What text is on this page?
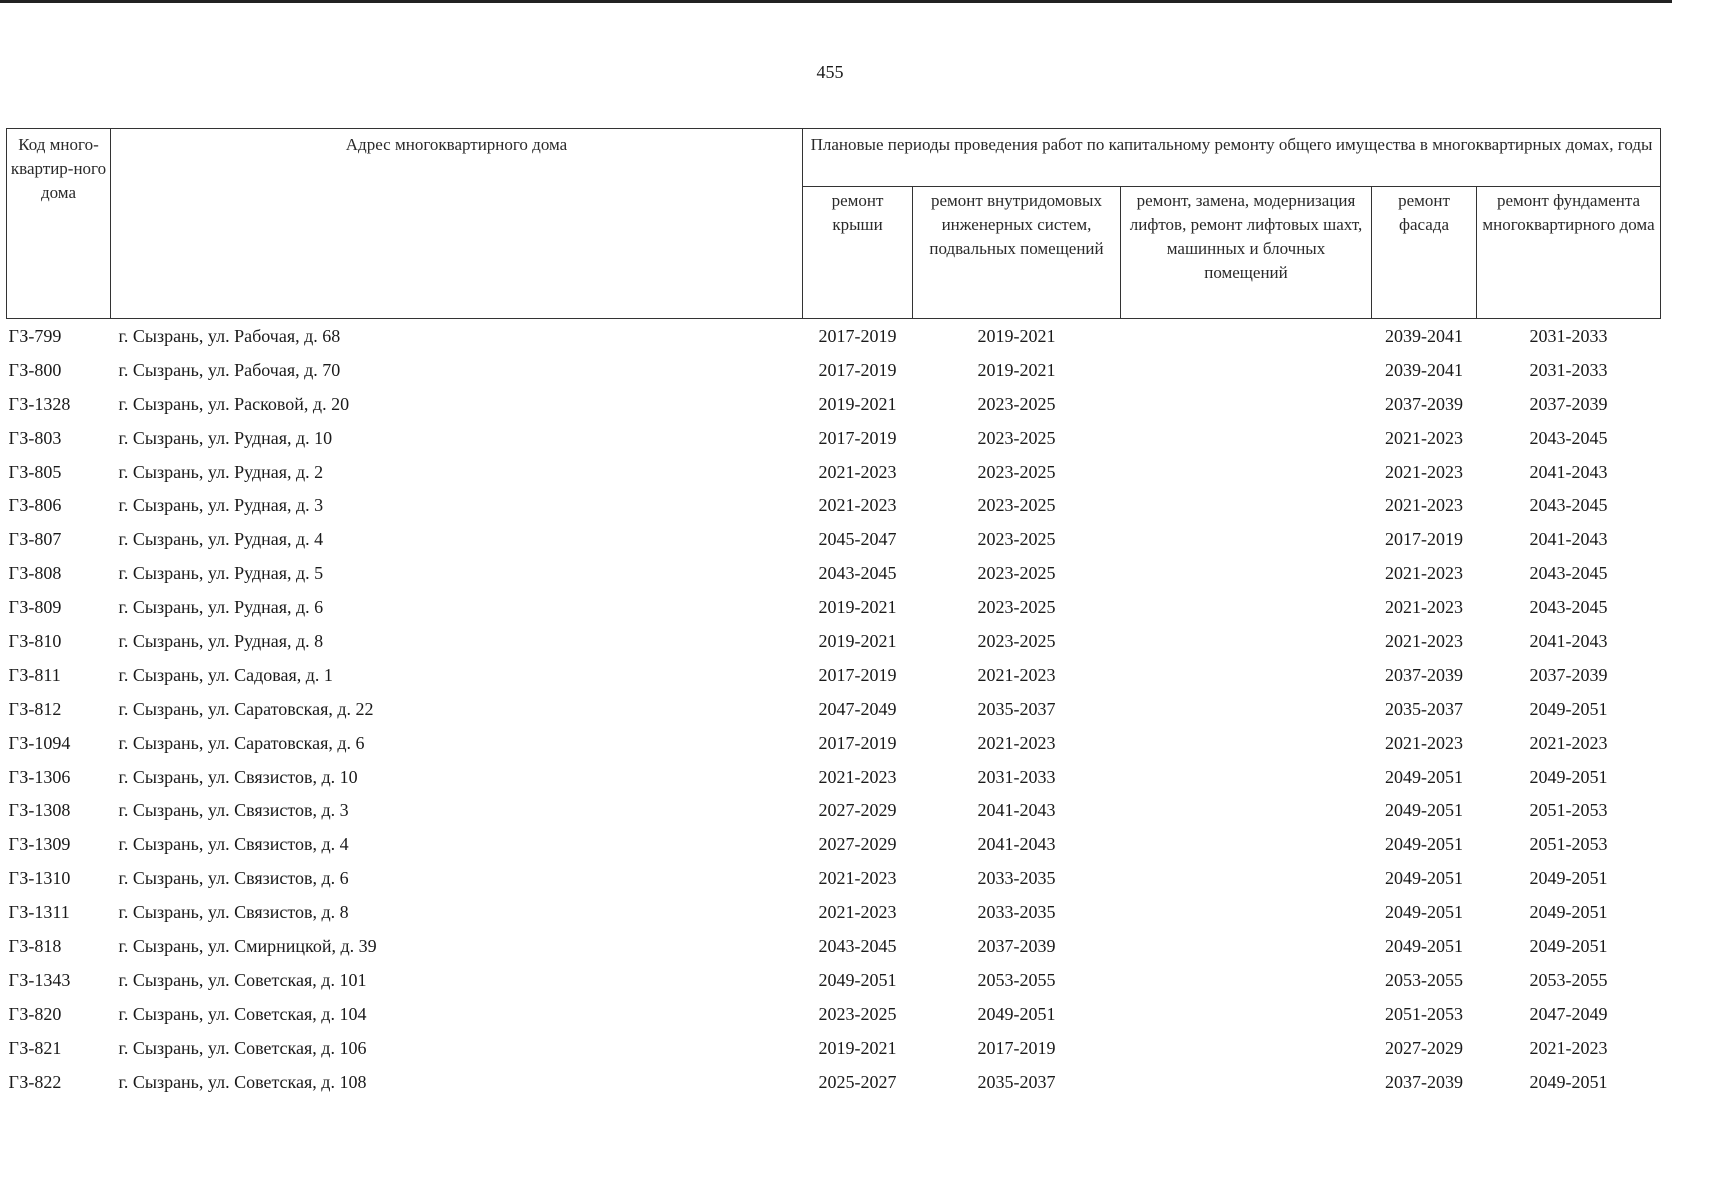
455
Код много-квартир-ного дома	Адрес многоквартирного дома	Плановые периоды проведения работ по капитальному ремонту общего имущества в многоквартирных домах, годы				
		ремонт крыши	ремонт внутридомовых инженерных систем, подвальных помещений	ремонт, замена, модернизация лифтов, ремонт лифтовых шахт, машинных и блочных помещений	ремонт фасада	ремонт фундамента многоквартирного дома
ГЗ-799	г. Сызрань, ул. Рабочая, д. 68	2017-2019	2019-2021		2039-2041	2031-2033
ГЗ-800	г. Сызрань, ул. Рабочая, д. 70	2017-2019	2019-2021		2039-2041	2031-2033
ГЗ-1328	г. Сызрань, ул. Расковой, д. 20	2019-2021	2023-2025		2037-2039	2037-2039
ГЗ-803	г. Сызрань, ул. Рудная, д. 10	2017-2019	2023-2025		2021-2023	2043-2045
ГЗ-805	г. Сызрань, ул. Рудная, д. 2	2021-2023	2023-2025		2021-2023	2041-2043
ГЗ-806	г. Сызрань, ул. Рудная, д. 3	2021-2023	2023-2025		2021-2023	2043-2045
ГЗ-807	г. Сызрань, ул. Рудная, д. 4	2045-2047	2023-2025		2017-2019	2041-2043
ГЗ-808	г. Сызрань, ул. Рудная, д. 5	2043-2045	2023-2025		2021-2023	2043-2045
ГЗ-809	г. Сызрань, ул. Рудная, д. 6	2019-2021	2023-2025		2021-2023	2043-2045
ГЗ-810	г. Сызрань, ул. Рудная, д. 8	2019-2021	2023-2025		2021-2023	2041-2043
ГЗ-811	г. Сызрань, ул. Садовая, д. 1	2017-2019	2021-2023		2037-2039	2037-2039
ГЗ-812	г. Сызрань, ул. Саратовская, д. 22	2047-2049	2035-2037		2035-2037	2049-2051
ГЗ-1094	г. Сызрань, ул. Саратовская, д. 6	2017-2019	2021-2023		2021-2023	2021-2023
ГЗ-1306	г. Сызрань, ул. Связистов, д. 10	2021-2023	2031-2033		2049-2051	2049-2051
ГЗ-1308	г. Сызрань, ул. Связистов, д. 3	2027-2029	2041-2043		2049-2051	2051-2053
ГЗ-1309	г. Сызрань, ул. Связистов, д. 4	2027-2029	2041-2043		2049-2051	2051-2053
ГЗ-1310	г. Сызрань, ул. Связистов, д. 6	2021-2023	2033-2035		2049-2051	2049-2051
ГЗ-1311	г. Сызрань, ул. Связистов, д. 8	2021-2023	2033-2035		2049-2051	2049-2051
ГЗ-818	г. Сызрань, ул. Смирницкой, д. 39	2043-2045	2037-2039		2049-2051	2049-2051
ГЗ-1343	г. Сызрань, ул. Советская, д. 101	2049-2051	2053-2055		2053-2055	2053-2055
ГЗ-820	г. Сызрань, ул. Советская, д. 104	2023-2025	2049-2051		2051-2053	2047-2049
ГЗ-821	г. Сызрань, ул. Советская, д. 106	2019-2021	2017-2019		2027-2029	2021-2023
ГЗ-822	г. Сызрань, ул. Советская, д. 108	2025-2027	2035-2037		2037-2039	2049-2051
